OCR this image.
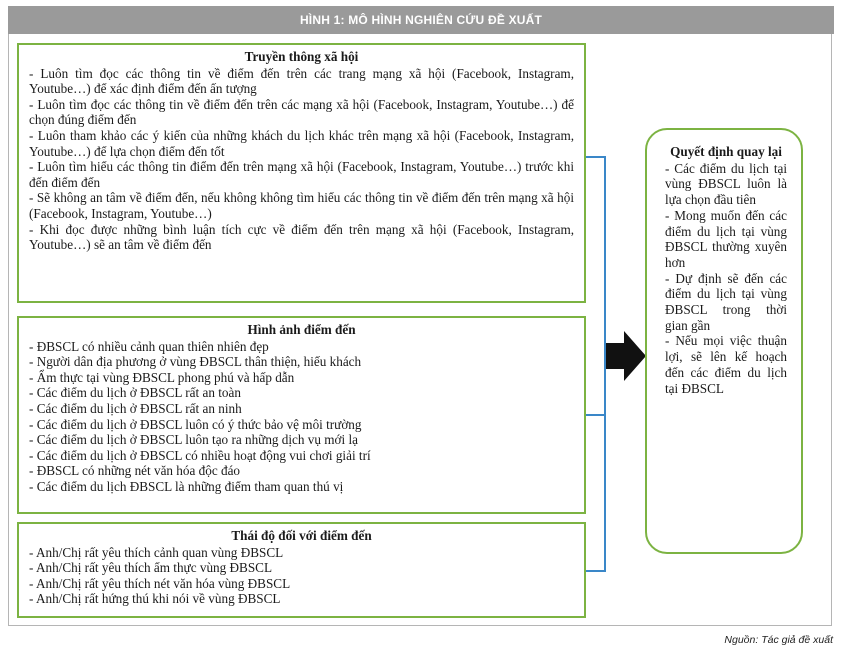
HÌNH 1: MÔ HÌNH NGHIÊN CỨU ĐỀ XUẤT
Truyền thông xã hội
- Luôn tìm đọc các thông tin về điểm đến trên các trang mạng xã hội (Facebook, Instagram, Youtube…) để xác định điểm đến ấn tượng
- Luôn tìm đọc các thông tin về điểm đến trên các mạng xã hội (Facebook, Instagram, Youtube…) để chọn đúng điểm đến
- Luôn tham khảo các ý kiến của những khách du lịch khác trên mạng xã hội (Facebook, Instagram, Youtube…) để lựa chọn điểm đến tốt
- Luôn tìm hiểu các thông tin điểm đến trên mạng xã hội (Facebook, Instagram, Youtube…) trước khi đến điểm đến
- Sẽ không an tâm về điểm đến, nếu không không tìm hiểu các thông tin về điểm đến trên mạng xã hội (Facebook, Instagram, Youtube…)
- Khi đọc được những bình luận tích cực về điểm đến trên mạng xã hội (Facebook, Instagram, Youtube…) sẽ an tâm về điểm đến
Hình ảnh điểm đến
- ĐBSCL có nhiều cảnh quan thiên nhiên đẹp
- Người dân địa phương ở vùng ĐBSCL thân thiện, hiếu khách
- Ẩm thực tại vùng ĐBSCL phong phú và hấp dẫn
- Các điểm du lịch ở ĐBSCL rất an toàn
- Các điểm du lịch ở ĐBSCL rất an ninh
- Các điểm du lịch ở ĐBSCL luôn có ý thức bảo vệ môi trường
- Các điểm du lịch ở ĐBSCL luôn tạo ra những dịch vụ mới lạ
- Các điểm du lịch ở ĐBSCL có nhiều hoạt động vui chơi giải trí
- ĐBSCL có những nét văn hóa độc đáo
- Các điểm du lịch ĐBSCL là những điểm tham quan thú vị
Thái độ đối với điểm đến
- Anh/Chị rất yêu thích cảnh quan vùng ĐBSCL
- Anh/Chị rất yêu thích ẩm thực vùng ĐBSCL
- Anh/Chị rất yêu thích nét văn hóa vùng ĐBSCL
- Anh/Chị rất hứng thú khi nói về vùng ĐBSCL
Quyết định quay lại
- Các điểm du lịch tại vùng ĐBSCL luôn là lựa chọn đầu tiên
- Mong muốn đến các điểm du lịch tại vùng ĐBSCL thường xuyên hơn
- Dự định sẽ đến các điểm du lịch tại vùng ĐBSCL trong thời gian gần
- Nếu mọi việc thuận lợi, sẽ lên kế hoạch đến các điểm du lịch tại ĐBSCL
Nguồn: Tác giả đề xuất
